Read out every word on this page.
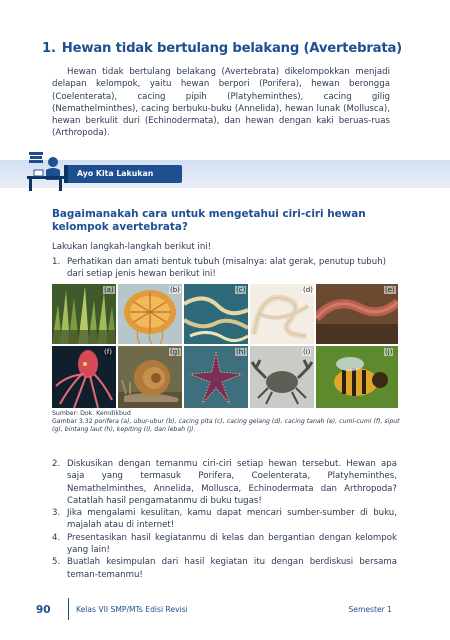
1. Hewan tidak bertulang belakang (Avertebrata)

Hewan tidak bertulang belakang (Avertebrata) dikelompokkan menjadi delapan kelompok, yaitu hewan berpori (Porifera), hewan berongga (Coelenterata), cacing pipih (Platyheminthes), cacing gilig (Nemathelminthes), cacing berbuku-buku (Annelida), hewan lunak (Mollusca), hewan berkulit duri (Echinodermata), dan hewan dengan kaki beruas-ruas (Arthropoda).

Ayo Kita Lakukan
Bagaimanakah cara untuk mengetahui ciri-ciri hewan kelompok avertebrata?
Lakukan langkah-langkah berikut ini!
1. Perhatikan dan amati bentuk tubuh (misalnya: alat gerak, penutup tubuh) dari setiap jenis hewan berikut ini!
(a)	(b)	(c)	(d)	(e)
(f)	(g)	(h)	(i)	(j)
Sumber: Dok. Kemdikbud
Gambar 3.32 porifera (a), ubur-ubur (b), cacing pita (c), cacing gelang (d), cacing tanah (e), cumi-cumi (f), siput (g), bintang laut (h), kepiting (i), dan lebah (j).
2. Diskusikan dengan temanmu ciri-ciri setiap hewan tersebut. Hewan apa saja yang termasuk Porifera, Coelenterata, Platyheminthes, Nemathelminthes, Annelida, Mollusca, Echinodermata dan Arthropoda? Catatlah hasil pengamatanmu di buku tugas!
3. Jika mengalami kesulitan, kamu dapat mencari sumber-sumber di buku, majalah atau di internet!
4. Presentasikan hasil kegiatanmu di kelas dan bergantian dengan kelompok yang lain!
5. Buatlah kesimpulan dari hasil kegiatan itu dengan berdiskusi bersama teman-temanmu!
90	Kelas VII SMP/MTs Edisi Revisi	Semester 1
